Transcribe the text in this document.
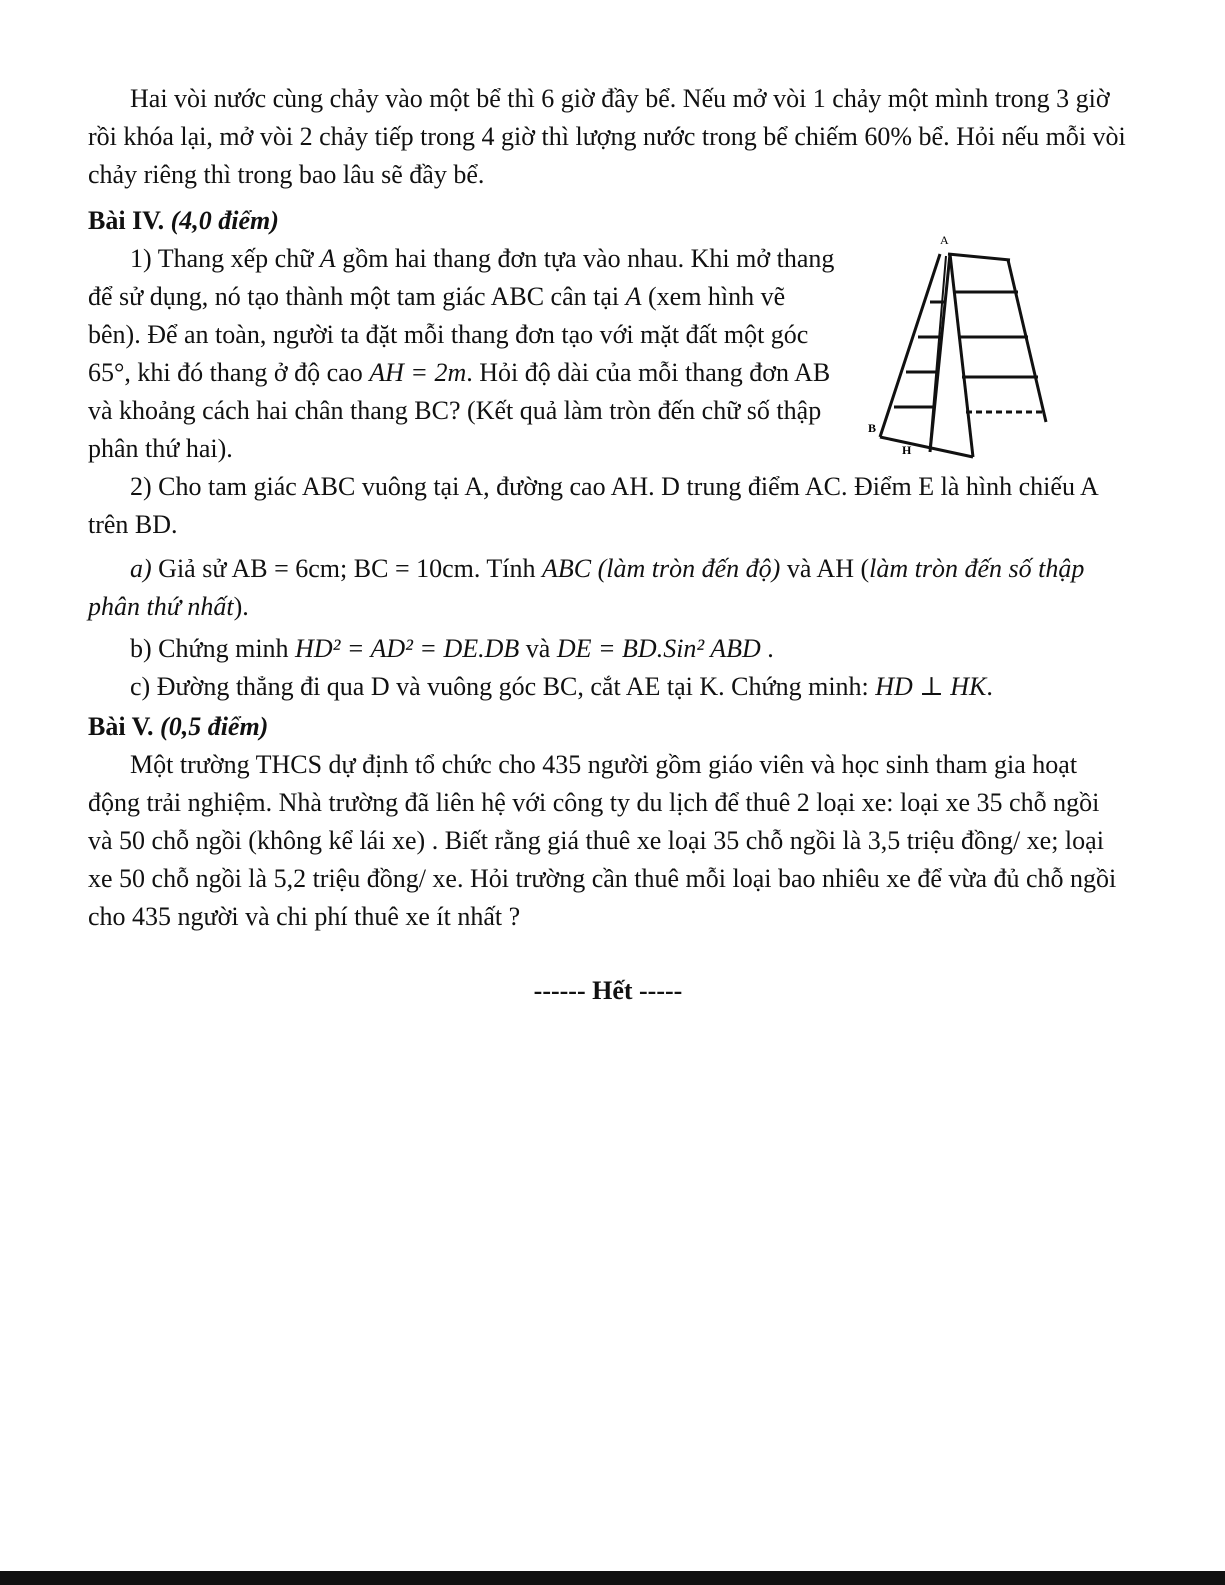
Hai vòi nước cùng chảy vào một bể thì 6 giờ đầy bể. Nếu mở vòi 1 chảy một mình trong 3 giờ rồi khóa lại, mở vòi 2 chảy tiếp trong 4 giờ thì lượng nước trong bể chiếm 60% bể. Hỏi nếu mỗi vòi chảy riêng thì trong bao lâu sẽ đầy bể.

Bài IV. (4,0 điểm)

1) Thang xếp chữ A gồm hai thang đơn tựa vào nhau. Khi mở thang để sử dụng, nó tạo thành một tam giác ABC cân tại A (xem hình vẽ bên). Để an toàn, người ta đặt mỗi thang đơn tạo với mặt đất một góc 65°, khi đó thang ở độ cao AH = 2m. Hỏi độ dài của mỗi thang đơn AB và khoảng cách hai chân thang BC? (Kết quả làm tròn đến chữ số thập phân thứ hai).

A
B
H

2) Cho tam giác ABC vuông tại A, đường cao AH. D trung điểm AC. Điểm E là hình chiếu A trên BD.

a) Giả sử AB = 6cm; BC = 10cm. Tính ABC (làm tròn đến độ) và AH (làm tròn đến số thập phân thứ nhất).

b) Chứng minh HD² = AD² = DE.DB và DE = BD.Sin² ABD .

c) Đường thẳng đi qua D và vuông góc BC, cắt AE tại K. Chứng minh: HD ⊥ HK.

Bài V. (0,5 điểm)

Một trường THCS dự định tổ chức cho 435 người gồm giáo viên và học sinh tham gia hoạt động trải nghiệm. Nhà trường đã liên hệ với công ty du lịch để thuê 2 loại xe: loại xe 35 chỗ ngồi và 50 chỗ ngồi (không kể lái xe) . Biết rằng giá thuê xe loại 35 chỗ ngồi là 3,5 triệu đồng/ xe; loại xe 50 chỗ ngồi là 5,2 triệu đồng/ xe. Hỏi trường cần thuê mỗi loại bao nhiêu xe để vừa đủ chỗ ngồi cho 435 người và chi phí thuê xe ít nhất ?

------ Hết -----
